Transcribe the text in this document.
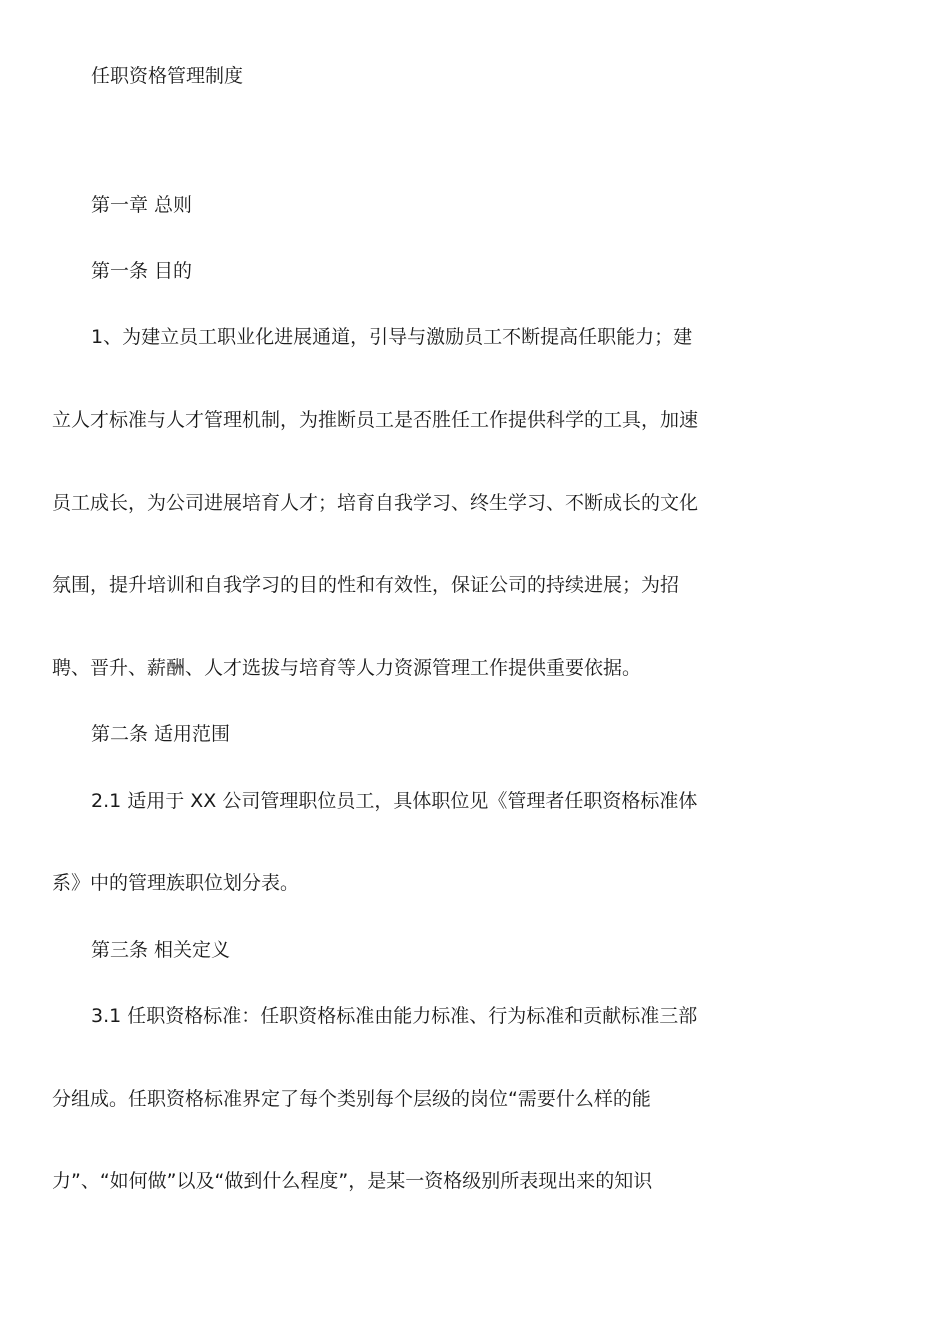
任职资格管理制度
第一章 总则
第一条 目的
1、为建立员工职业化进展通道，引导与激励员工不断提高任职能力；建
立人才标准与人才管理机制，为推断员工是否胜任工作提供科学的工具，加速
员工成长，为公司进展培育人才；培育自我学习、终生学习、不断成长的文化
氛围，提升培训和自我学习的目的性和有效性，保证公司的持续进展；为招
聘、晋升、薪酬、人才选拔与培育等人力资源管理工作提供重要依据。
第二条 适用范围
2.1 适用于 XX 公司管理职位员工，具体职位见《管理者任职资格标准体
系》中的管理族职位划分表。
第三条 相关定义
3.1 任职资格标准：任职资格标准由能力标准、行为标准和贡献标准三部
分组成。任职资格标准界定了每个类别每个层级的岗位“需要什么样的能
力”、“如何做”以及“做到什么程度”，是某一资格级别所表现出来的知识
